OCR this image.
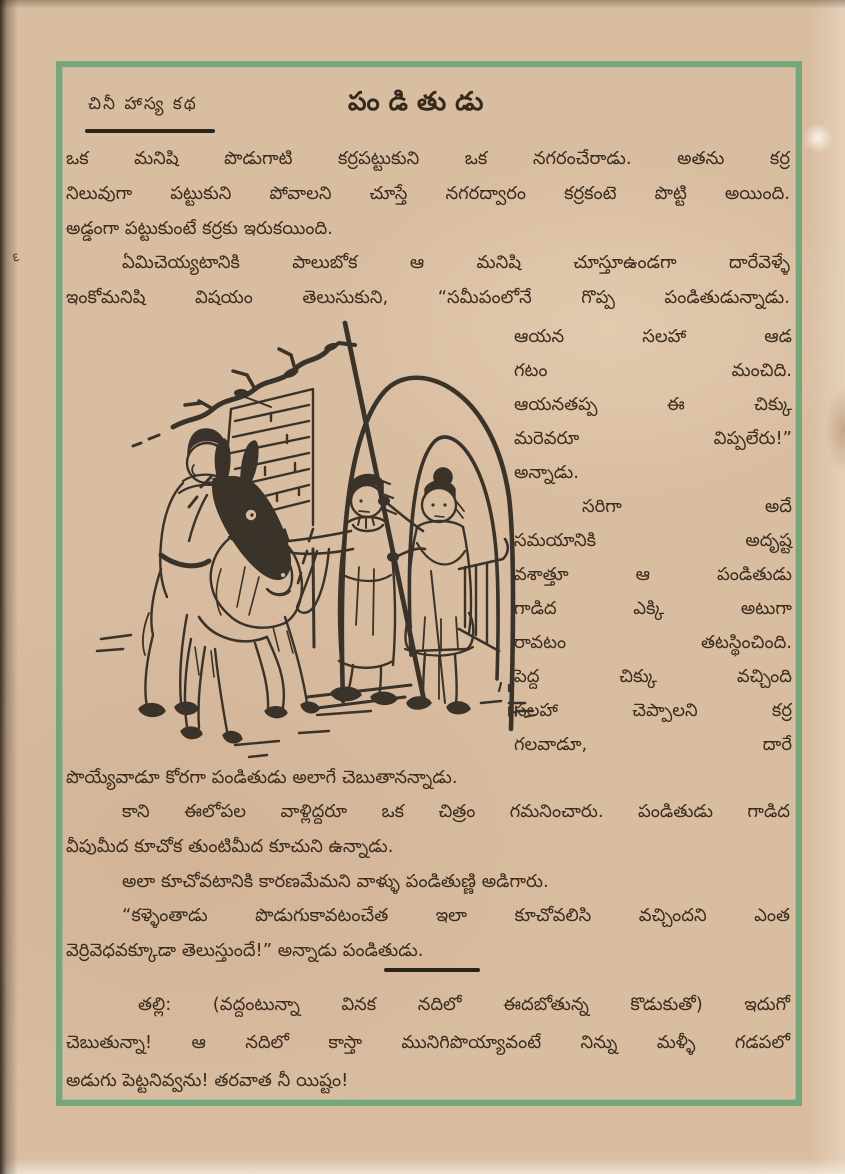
ε
చినీ హాస్య కథ	పండితుడు
ఒక మనిషి పొడుగాటి కర్రపట్టుకుని ఒక నగరంచేరాడు. అతను కర్ర
నిలువుగా పట్టుకుని పోవాలని చూస్తే నగరద్వారం కర్రకంటె పొట్టి అయింది.
అడ్డంగా పట్టుకుంటే కర్రకు ఇరుకయింది.
ఏమిచెయ్యటానికి పాలుబోక ఆ మనిషి చూస్తూఉండగా దారేవెళ్ళే
ఇంకోమనిషి విషయం తెలుసుకుని, “సమీపంలోనే గొప్ప పండితుడున్నాడు.
ఆయన సలహా ఆడ
గటం మంచిది.
ఆయనతప్ప ఈ చిక్కు
మరెవరూ విప్పలేరు!”
అన్నాడు.
సరిగా అదే
సమయానికి అదృష్ట
వశాత్తూ ఆ పండితుడు
గాడిద ఎక్కి అటుగా
రావటం తటస్థించింది.
పెద్ద చిక్కు వచ్చింది
సలహా చెప్పాలని కర్ర
గలవాడూ, దారే
పొయ్యేవాడూ కోరగా పండితుడు అలాగే చెబుతానన్నాడు.
కాని ఈలోపల వాళ్లిద్దరూ ఒక చిత్రం గమనించారు. పండితుడు గాడిద
వీపుమీద కూచోక తుంటిమీద కూచుని ఉన్నాడు.
అలా కూచోవటానికి కారణమేమని వాళ్ళు పండితుణ్ణి అడిగారు.
“కళ్ళెంతాడు పొడుగుకావటంచేత ఇలా కూచోవలిసి వచ్చిందని ఎంత
వెర్రివెధవక్కూడా తెలుస్తుందే!” అన్నాడు పండితుడు.
తల్లి: (వద్దంటున్నా వినక నదిలో ఈదబోతున్న కొడుకుతో) ఇదుగో
చెబుతున్నా! ఆ నదిలో కాస్తా మునిగిపొయ్యావంటే నిన్ను మళ్ళీ గడపలో
అడుగు పెట్టనివ్వను! తరవాత నీ యిష్టం!
